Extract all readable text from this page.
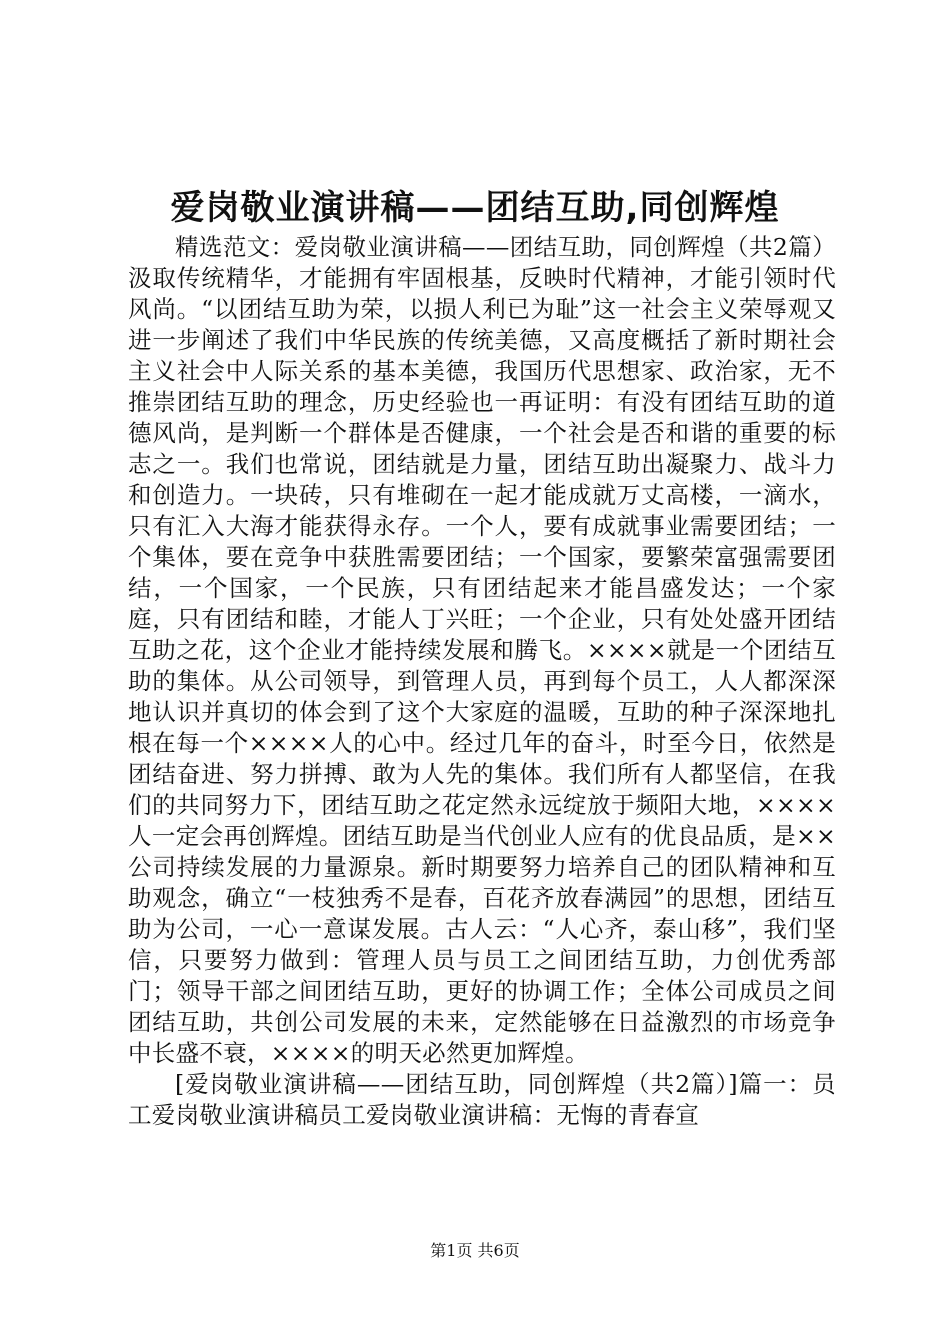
爱岗敬业演讲稿——团结互助,同创辉煌

精选范文：爱岗敬业演讲稿——团结互助，同创辉煌（共2篇）汲取传统精华，才能拥有牢固根基，反映时代精神，才能引领时代风尚。“以团结互助为荣，以损人利已为耻”这一社会主义荣辱观又进一步阐述了我们中华民族的传统美德，又高度概括了新时期社会主义社会中人际关系的基本美德，我国历代思想家、政治家，无不推崇团结互助的理念，历史经验也一再证明：有没有团结互助的道德风尚，是判断一个群体是否健康，一个社会是否和谐的重要的标志之一。我们也常说，团结就是力量，团结互助出凝聚力、战斗力和创造力。一块砖，只有堆砌在一起才能成就万丈高楼，一滴水，只有汇入大海才能获得永存。一个人，要有成就事业需要团结；一个集体，要在竞争中获胜需要团结；一个国家，要繁荣富强需要团结，一个国家，一个民族，只有团结起来才能昌盛发达；一个家庭，只有团结和睦，才能人丁兴旺；一个企业，只有处处盛开团结互助之花，这个企业才能持续发展和腾飞。××××就是一个团结互助的集体。从公司领导，到管理人员，再到每个员工，人人都深深地认识并真切的体会到了这个大家庭的温暖，互助的种子深深地扎根在每一个××××人的心中。经过几年的奋斗，时至今日，依然是团结奋进、努力拼搏、敢为人先的集体。我们所有人都坚信，在我们的共同努力下，团结互助之花定然永远绽放于频阳大地，××××人一定会再创辉煌。团结互助是当代创业人应有的优良品质，是××公司持续发展的力量源泉。新时期要努力培养自己的团队精神和互助观念，确立“一枝独秀不是春，百花齐放春满园”的思想，团结互助为公司，一心一意谋发展。古人云：“人心齐，泰山移”，我们坚信，只要努力做到：管理人员与员工之间团结互助，力创优秀部门；领导干部之间团结互助，更好的协调工作；全体公司成员之间团结互助，共创公司发展的未来，定然能够在日益激烈的市场竞争中长盛不衰，××××的明天必然更加辉煌。

[爱岗敬业演讲稿——团结互助，同创辉煌（共2篇）]篇一：员工爱岗敬业演讲稿员工爱岗敬业演讲稿：无悔的青春宣

第1页 共6页
